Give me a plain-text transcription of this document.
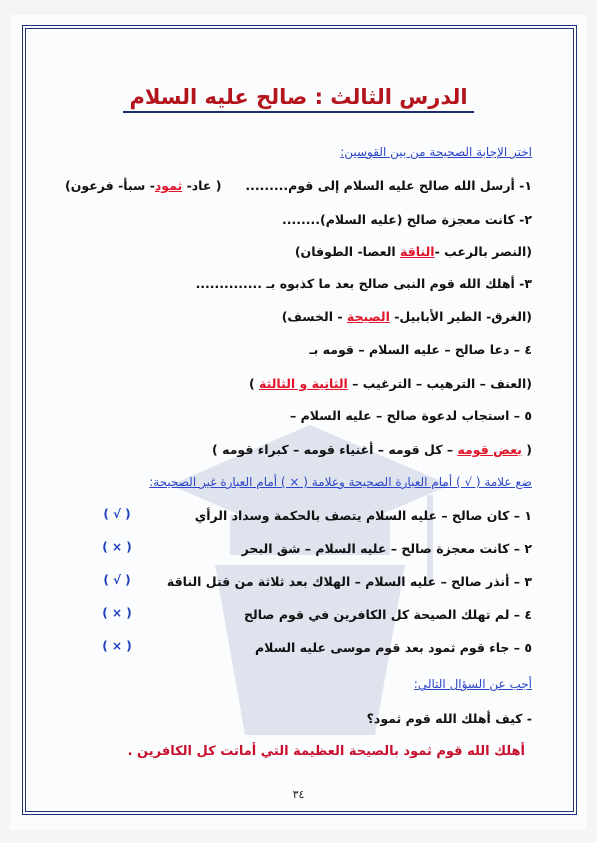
الدرس الثالث : صالح عليه السلام
اختر الإجابة الصحيحة من بين القوسين:
١- أرسل الله صالح عليه السلام إلى قوم.........
( عاد- ثمود- سبأ- فرعون)
٢- كانت معجزة صالح (عليه السلام)........
(النصر بالرعب -الناقة العصا- الطوفان)
٣- أهلك الله قوم النبى صالح بعد ما كذبوه بـ ..............
(الغرق- الطير الأبابيل- الصيحة - الخسف)
٤ – دعا صالح – عليه السلام – قومه بـ
(العنف – الترهيب – الترغيب – الثانية و الثالثة )
٥ – استجاب لدعوة صالح – عليه السلام –
( بعض قومه – كل قومه – أغنياء قومه – كبراء قومه )
ضع علامة ( √ ) أمام العبارة الصحيحة وعلامة ( × ) أمام العبارة غير الصحيحة:
١ – كان صالح – عليه السلام يتصف بالحكمة وسداد الرأي
( √ )
٢ – كانت معجزة صالح – عليه السلام – شق البحر
( × )
٣ – أنذر صالح – عليه السلام – الهلاك بعد ثلاثة من قتل الناقة
( √ )
٤ – لم تهلك الصيحة كل الكافرين في قوم صالح
( × )
٥ – جاء قوم ثمود بعد قوم موسى عليه السلام
( × )
أجب عن السؤال التالي:
- كيف أهلك الله قوم ثمود؟
أهلك الله قوم ثمود بالصيحة العظيمة التي أماتت كل الكافرين .
٣٤
